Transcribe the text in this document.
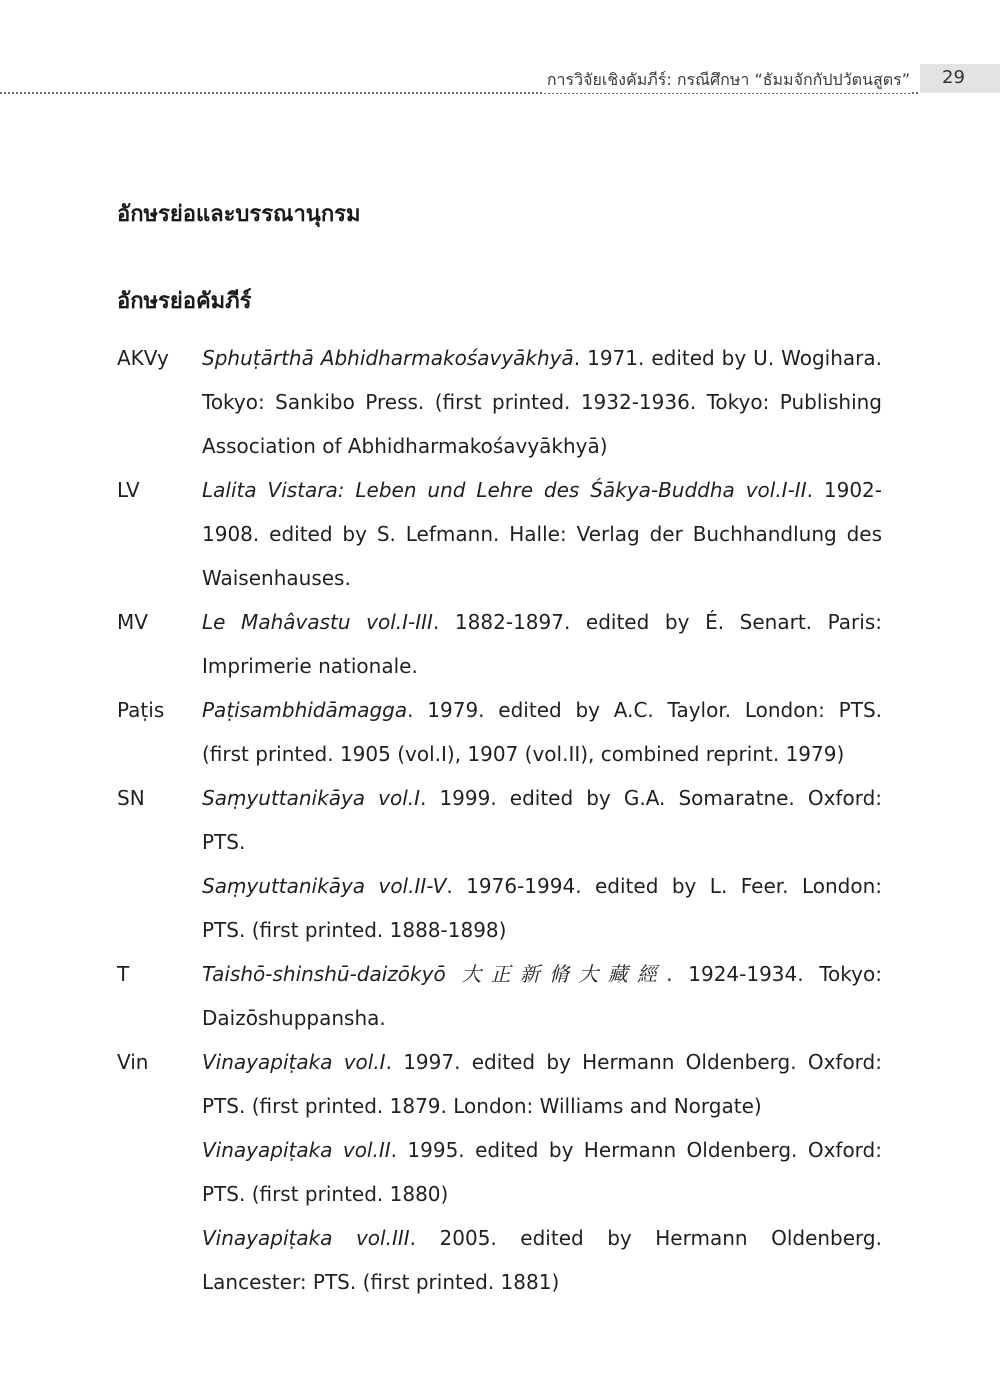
การวิจัยเชิงคัมภีร์: กรณีศึกษา “ธัมมจักกัปปวัตนสูตร” 29
อักษรย่อและบรรณานุกรม
อักษรย่อคัมภีร์
AKVy	Sphuṭārthā Abhidharmakośavyākhyā. 1971. edited by U. Wogihara. Tokyo: Sankibo Press. (first printed. 1932-1936. Tokyo: Publishing Association of Abhidharmakośavyākhyā)

LV	Lalita Vistara: Leben und Lehre des Śākya-Buddha vol.I-II. 1902-1908. edited by S. Lefmann. Halle: Verlag der Buchhandlung des Waisenhauses.

MV	Le Mahâvastu vol.I-III. 1882-1897. edited by É. Senart. Paris: Imprimerie nationale.

Paṭis	Paṭisambhidāmagga. 1979. edited by A.C. Taylor. London: PTS. (first printed. 1905 (vol.I), 1907 (vol.II), combined reprint. 1979)

SN	Saṃyuttanikāya vol.I. 1999. edited by G.A. Somaratne. Oxford: PTS.

Saṃyuttanikāya vol.II-V. 1976-1994. edited by L. Feer. London: PTS. (first printed. 1888-1898)

T	Taishō-shinshū-daizōkyō 大正新脩大藏經. 1924-1934. Tokyo: Daizōshuppansha.

Vin	Vinayapiṭaka vol.I. 1997. edited by Hermann Oldenberg. Oxford: PTS. (first printed. 1879. London: Williams and Norgate)

Vinayapiṭaka vol.II. 1995. edited by Hermann Oldenberg. Oxford: PTS. (first printed. 1880)

Vinayapiṭaka vol.III. 2005. edited by Hermann Oldenberg. Lancester: PTS. (first printed. 1881)
